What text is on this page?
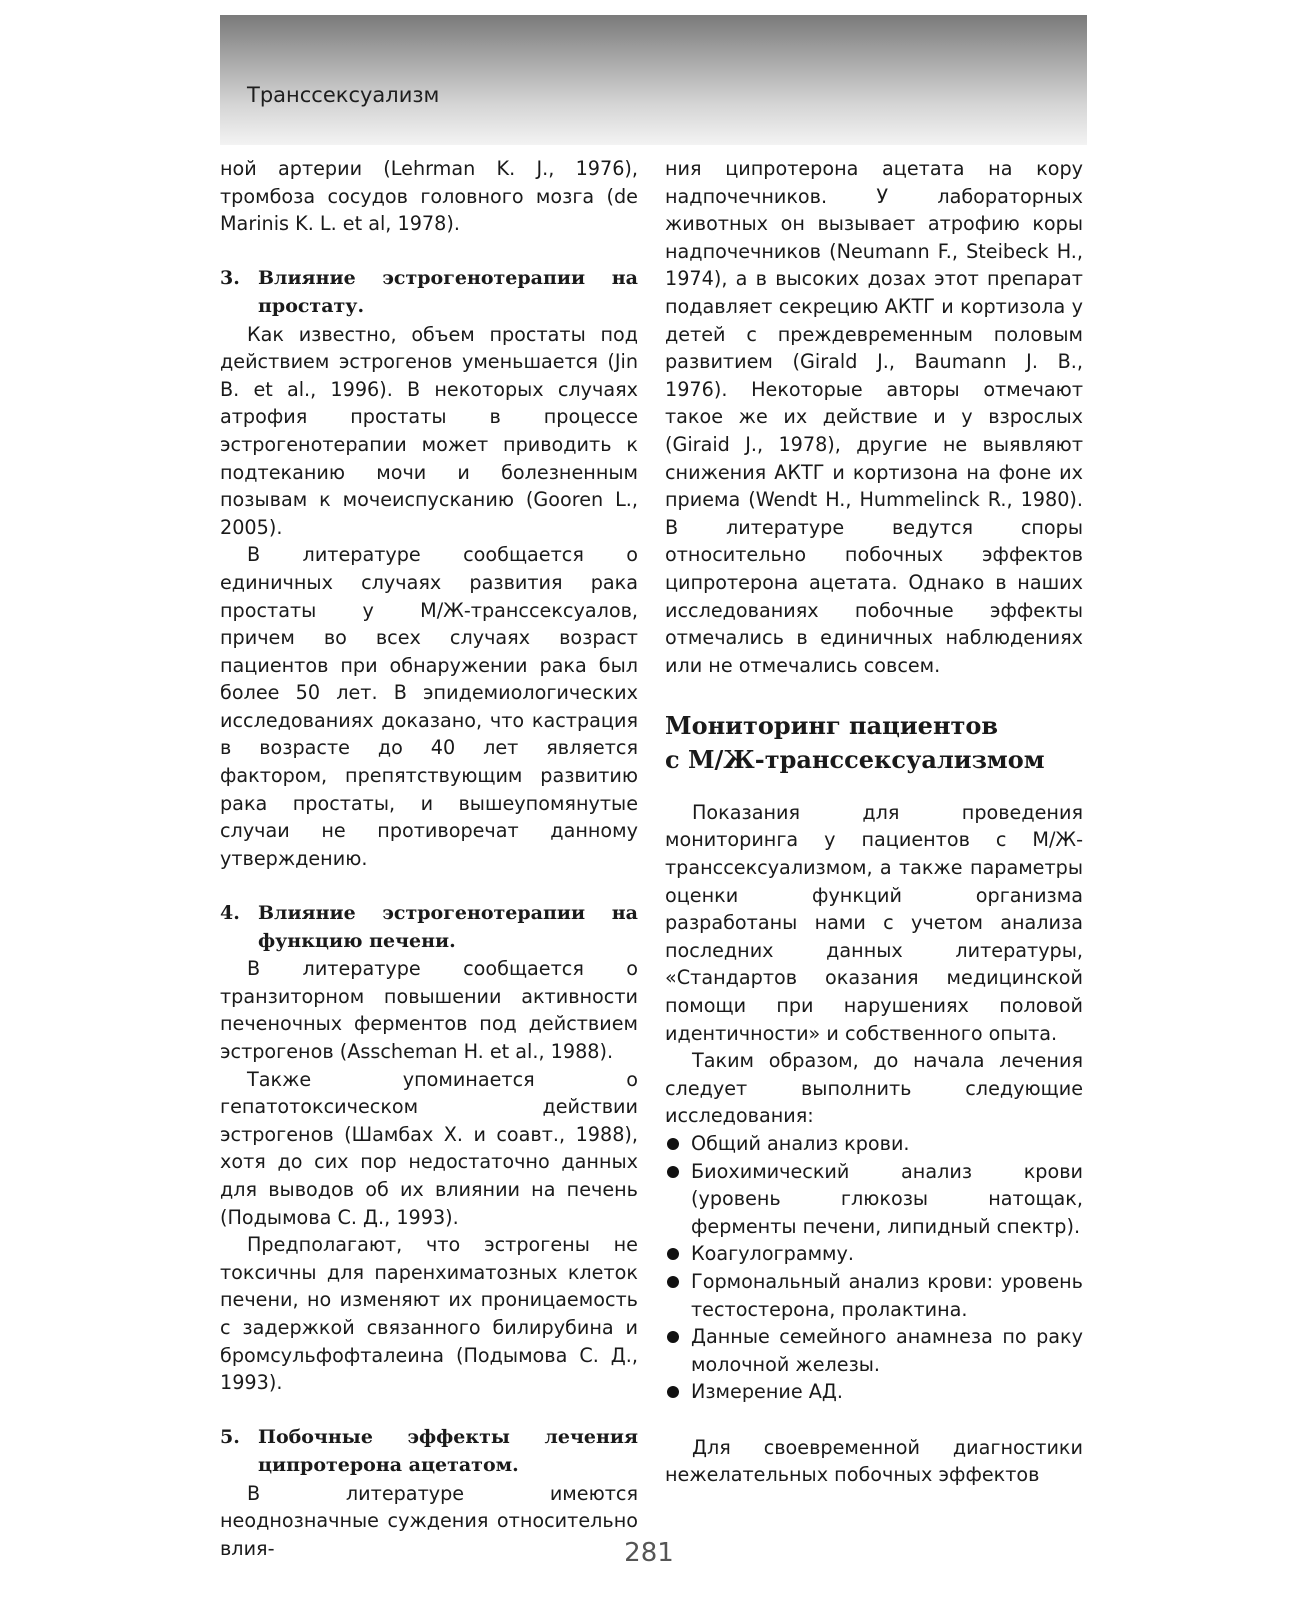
Транссексуализм

ной артерии (Lehrman K. J., 1976), тромбоза сосудов головного мозга (de Marinis K. L. et al, 1978).

3. Влияние эстрогенотерапии на простату.

Как известно, объем простаты под действием эстрогенов уменьшается (Jin B. et al., 1996). В некоторых случаях атрофия простаты в процессе эстрогенотерапии может приводить к подтеканию мочи и болезненным позывам к мочеиспусканию (Gooren L., 2005).

В литературе сообщается о единичных случаях развития рака простаты у М/Ж-транссексуалов, причем во всех случаях возраст пациентов при обнаружении рака был более 50 лет. В эпидемиологических исследованиях доказано, что кастрация в возрасте до 40 лет является фактором, препятствующим развитию рака простаты, и вышеупомянутые случаи не противоречат данному утверждению.

4. Влияние эстрогенотерапии на функцию печени.

В литературе сообщается о транзиторном повышении активности печеночных ферментов под действием эстрогенов (Asscheman H. et al., 1988).

Также упоминается о гепатотоксическом действии эстрогенов (Шамбах Х. и соавт., 1988), хотя до сих пор недостаточно данных для выводов об их влиянии на печень (Подымова С. Д., 1993).

Предполагают, что эстрогены не токсичны для паренхиматозных клеток печени, но изменяют их проницаемость с задержкой связанного билирубина и бромсульфофталеина (Подымова С. Д., 1993).

5. Побочные эффекты лечения ципротерона ацетатом.

В литературе имеются неоднозначные суждения относительно влия-

ния ципротерона ацетата на кору надпочечников. У лабораторных животных он вызывает атрофию коры надпочечников (Neumann F., Steibeck H., 1974), а в высоких дозах этот препарат подавляет секрецию АКТГ и кортизола у детей с преждевременным половым развитием (Girald J., Baumann J. B., 1976). Некоторые авторы отмечают такое же их действие и у взрослых (Giraid J., 1978), другие не выявляют снижения АКТГ и кортизона на фоне их приема (Wendt H., Hummelinck R., 1980). В литературе ведутся споры относительно побочных эффектов ципротерона ацетата. Однако в наших исследованиях побочные эффекты отмечались в единичных наблюдениях или не отмечались совсем.

Мониторинг пациентов
с М/Ж-транссексуализмом

Показания для проведения мониторинга у пациентов с М/Ж-транссексуализмом, а также параметры оценки функций организма разработаны нами с учетом анализа последних данных литературы, «Стандартов оказания медицинской помощи при нарушениях половой идентичности» и собственного опыта.

Таким образом, до начала лечения следует выполнить следующие исследования:

Общий анализ крови.
Биохимический анализ крови (уровень глюкозы натощак, ферменты печени, липидный спектр).
Коагулограмму.
Гормональный анализ крови: уровень тестостерона, пролактина.
Данные семейного анамнеза по раку молочной железы.
Измерение АД.

Для своевременной диагностики нежелательных побочных эффектов

281
